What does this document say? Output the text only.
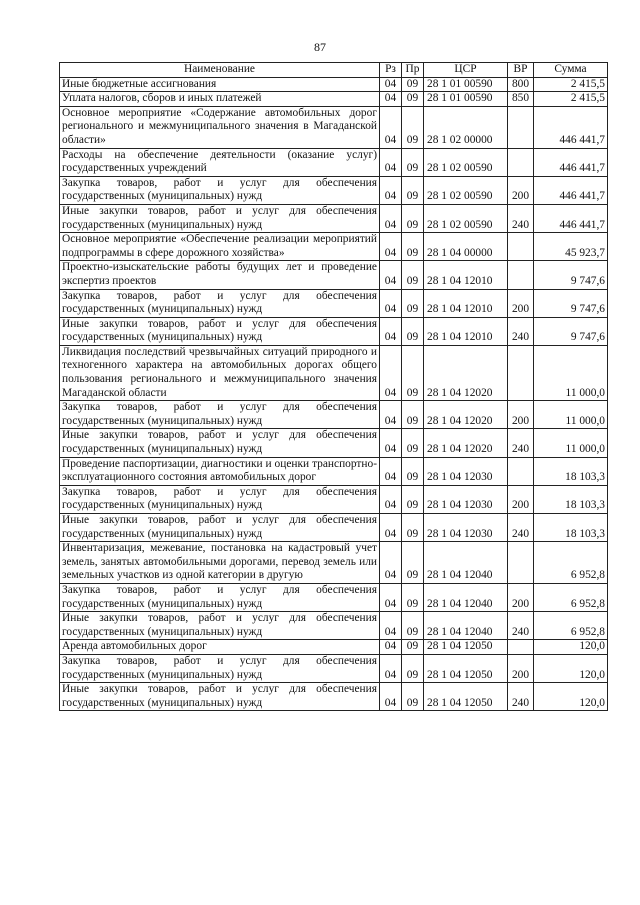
87
Наименование	Рз	Пр	ЦСР	ВР	Сумма
Иные бюджетные ассигнования	04	09	28 1 01 00590	800	2 415,5
Уплата налогов, сборов и иных платежей	04	09	28 1 01 00590	850	2 415,5
Основное мероприятие «Содержание автомобильных дорог регионального и межмуниципального значения в Магаданской области»	04	09	28 1 02 00000		446 441,7
Расходы на обеспечение деятельности (оказание услуг) государственных учреждений	04	09	28 1 02 00590		446 441,7
Закупка товаров, работ и услуг для обеспечения государственных (муниципальных) нужд	04	09	28 1 02 00590	200	446 441,7
Иные закупки товаров, работ и услуг для обеспечения государственных (муниципальных) нужд	04	09	28 1 02 00590	240	446 441,7
Основное мероприятие «Обеспечение реализации мероприятий подпрограммы в сфере дорожного хозяйства»	04	09	28 1 04 00000		45 923,7
Проектно-изыскательские работы будущих лет и проведение экспертиз проектов	04	09	28 1 04 12010		9 747,6
Закупка товаров, работ и услуг для обеспечения государственных (муниципальных) нужд	04	09	28 1 04 12010	200	9 747,6
Иные закупки товаров, работ и услуг для обеспечения государственных (муниципальных) нужд	04	09	28 1 04 12010	240	9 747,6
Ликвидация последствий чрезвычайных ситуаций природного и техногенного характера на автомобильных дорогах общего пользования регионального и межмуниципального значения Магаданской области	04	09	28 1 04 12020		11 000,0
Закупка товаров, работ и услуг для обеспечения государственных (муниципальных) нужд	04	09	28 1 04 12020	200	11 000,0
Иные закупки товаров, работ и услуг для обеспечения государственных (муниципальных) нужд	04	09	28 1 04 12020	240	11 000,0
Проведение паспортизации, диагностики и оценки транспортно-эксплуатационного состояния автомобильных дорог	04	09	28 1 04 12030		18 103,3
Закупка товаров, работ и услуг для обеспечения государственных (муниципальных) нужд	04	09	28 1 04 12030	200	18 103,3
Иные закупки товаров, работ и услуг для обеспечения государственных (муниципальных) нужд	04	09	28 1 04 12030	240	18 103,3
Инвентаризация, межевание, постановка на кадастровый учет земель, занятых автомобильными дорогами, перевод земель или земельных участков из одной категории в другую	04	09	28 1 04 12040		6 952,8
Закупка товаров, работ и услуг для обеспечения государственных (муниципальных) нужд	04	09	28 1 04 12040	200	6 952,8
Иные закупки товаров, работ и услуг для обеспечения государственных (муниципальных) нужд	04	09	28 1 04 12040	240	6 952,8
Аренда автомобильных дорог	04	09	28 1 04 12050		120,0
Закупка товаров, работ и услуг для обеспечения государственных (муниципальных) нужд	04	09	28 1 04 12050	200	120,0
Иные закупки товаров, работ и услуг для обеспечения государственных (муниципальных) нужд	04	09	28 1 04 12050	240	120,0
